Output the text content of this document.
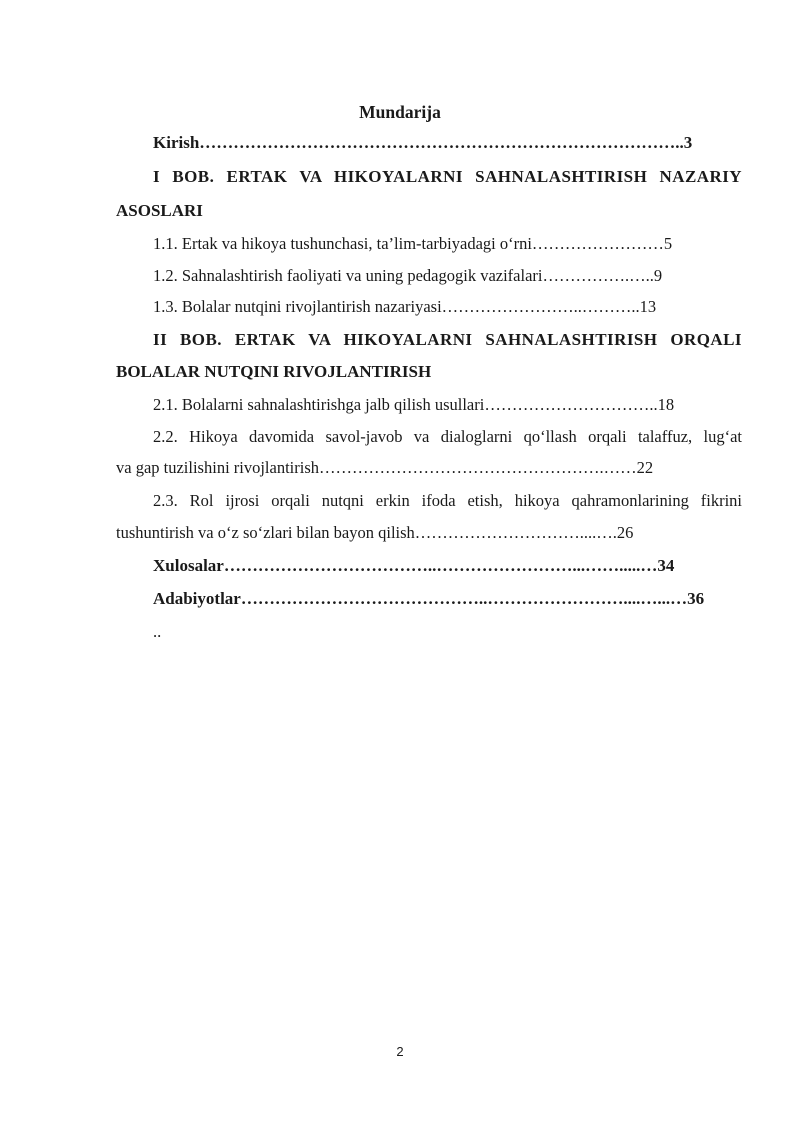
Mundarija
Kirish…………………………………………………………………………..3
I BOB. ERTAK VA HIKOYALARNI SAHNALASHTIRISH NAZARIY
ASOSLARI
1.1. Ertak va hikoya tushunchasi, ta’lim-tarbiyadagi o‘rni……………………5
1.2. Sahnalashtirish faoliyati va uning pedagogik vazifalari…………….…..9
1.3. Bolalar nutqini rivojlantirish nazariyasi……………………..………..13
II BOB. ERTAK VA HIKOYALARNI SAHNALASHTIRISH ORQALI
BOLALAR NUTQINI RIVOJLANTIRISH
2.1. Bolalarni sahnalashtirishga jalb qilish usullari…………………………..18
2.2. Hikoya davomida savol-javob va dialoglarni qo‘llash orqali talaffuz, lug‘at
va gap tuzilishini rivojlantirish…………………………………………….……22
2.3. Rol ijrosi orqali nutqni erkin ifoda etish, hikoya qahramonlarining fikrini
tushuntirish va o‘z so‘zlari bilan bayon qilish…………………………....….26
Xulosalar………………………………..……………………...…….....…34
Adabiyotlar……………………………………..……………………....…...…36
..
2
